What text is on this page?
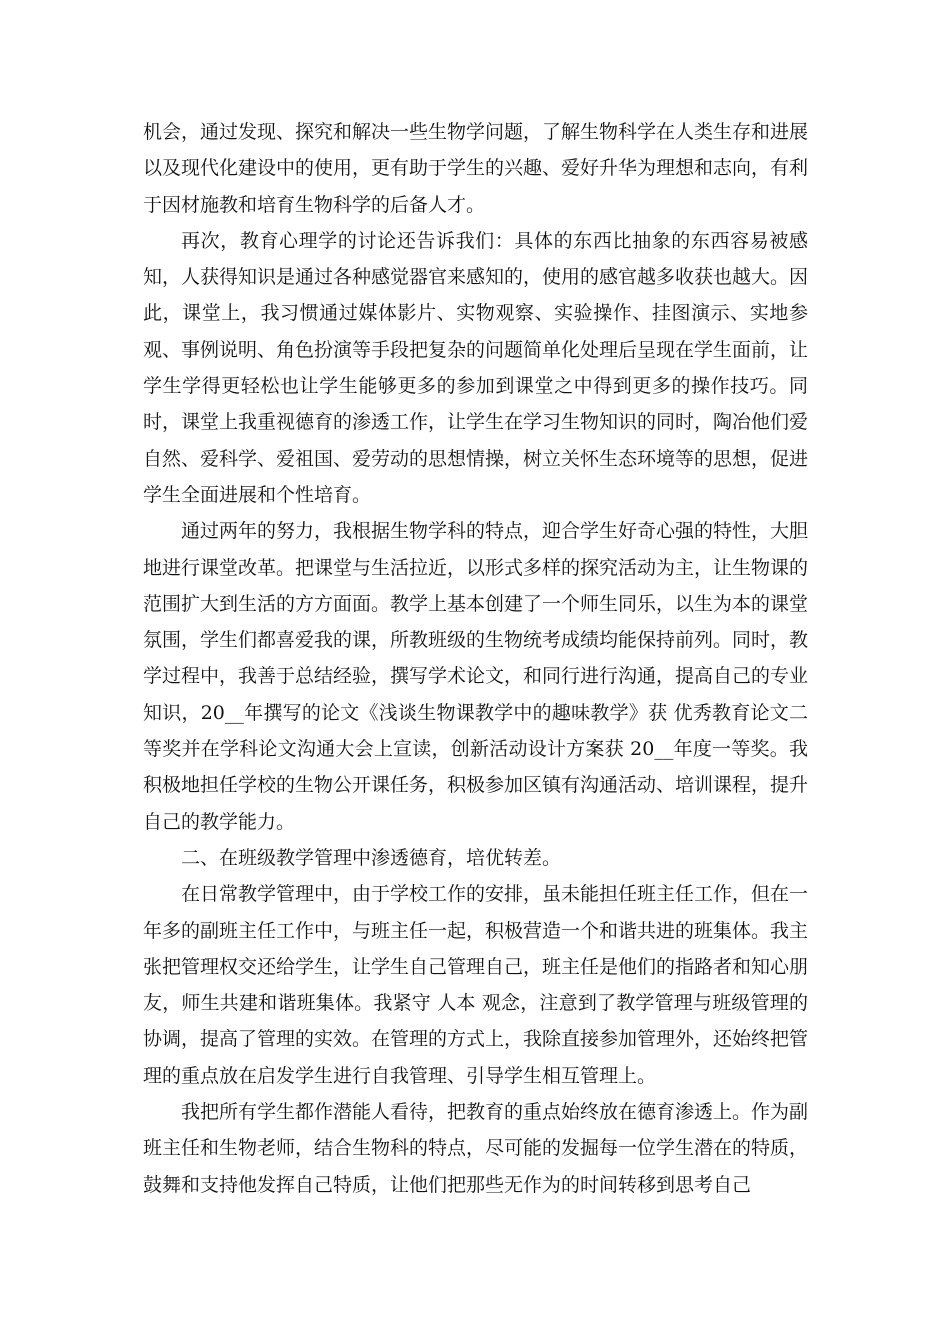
机会，通过发现、探究和解决一些生物学问题，了解生物科学在人类生存和进展以及现代化建设中的使用，更有助于学生的兴趣、爱好升华为理想和志向，有利于因材施教和培育生物科学的后备人才。

再次，教育心理学的讨论还告诉我们：具体的东西比抽象的东西容易被感知，人获得知识是通过各种感觉器官来感知的，使用的感官越多收获也越大。因此，课堂上，我习惯通过媒体影片、实物观察、实验操作、挂图演示、实地参观、事例说明、角色扮演等手段把复杂的问题简单化处理后呈现在学生面前，让学生学得更轻松也让学生能够更多的参加到课堂之中得到更多的操作技巧。同时，课堂上我重视德育的渗透工作，让学生在学习生物知识的同时，陶冶他们爱自然、爱科学、爱祖国、爱劳动的思想情操，树立关怀生态环境等的思想，促进学生全面进展和个性培育。

通过两年的努力，我根据生物学科的特点，迎合学生好奇心强的特性，大胆地进行课堂改革。把课堂与生活拉近，以形式多样的探究活动为主，让生物课的范围扩大到生活的方方面面。教学上基本创建了一个师生同乐，以生为本的课堂氛围，学生们都喜爱我的课，所教班级的生物统考成绩均能保持前列。同时，教学过程中，我善于总结经验，撰写学术论文，和同行进行沟通，提高自己的专业知识，20__年撰写的论文《浅谈生物课教学中的趣味教学》获 优秀教育论文二等奖并在学科论文沟通大会上宣读，创新活动设计方案获 20__年度一等奖。我积极地担任学校的生物公开课任务，积极参加区镇有沟通活动、培训课程，提升自己的教学能力。

二、在班级教学管理中渗透德育，培优转差。

在日常教学管理中，由于学校工作的安排，虽未能担任班主任工作，但在一年多的副班主任工作中，与班主任一起，积极营造一个和谐共进的班集体。我主张把管理权交还给学生，让学生自己管理自己，班主任是他们的指路者和知心朋友，师生共建和谐班集体。我紧守 人本 观念，注意到了教学管理与班级管理的协调，提高了管理的实效。在管理的方式上，我除直接参加管理外，还始终把管理的重点放在启发学生进行自我管理、引导学生相互管理上。

我把所有学生都作潜能人看待，把教育的重点始终放在德育渗透上。作为副班主任和生物老师，结合生物科的特点，尽可能的发掘每一位学生潜在的特质，鼓舞和支持他发挥自己特质，让他们把那些无作为的时间转移到思考自己
